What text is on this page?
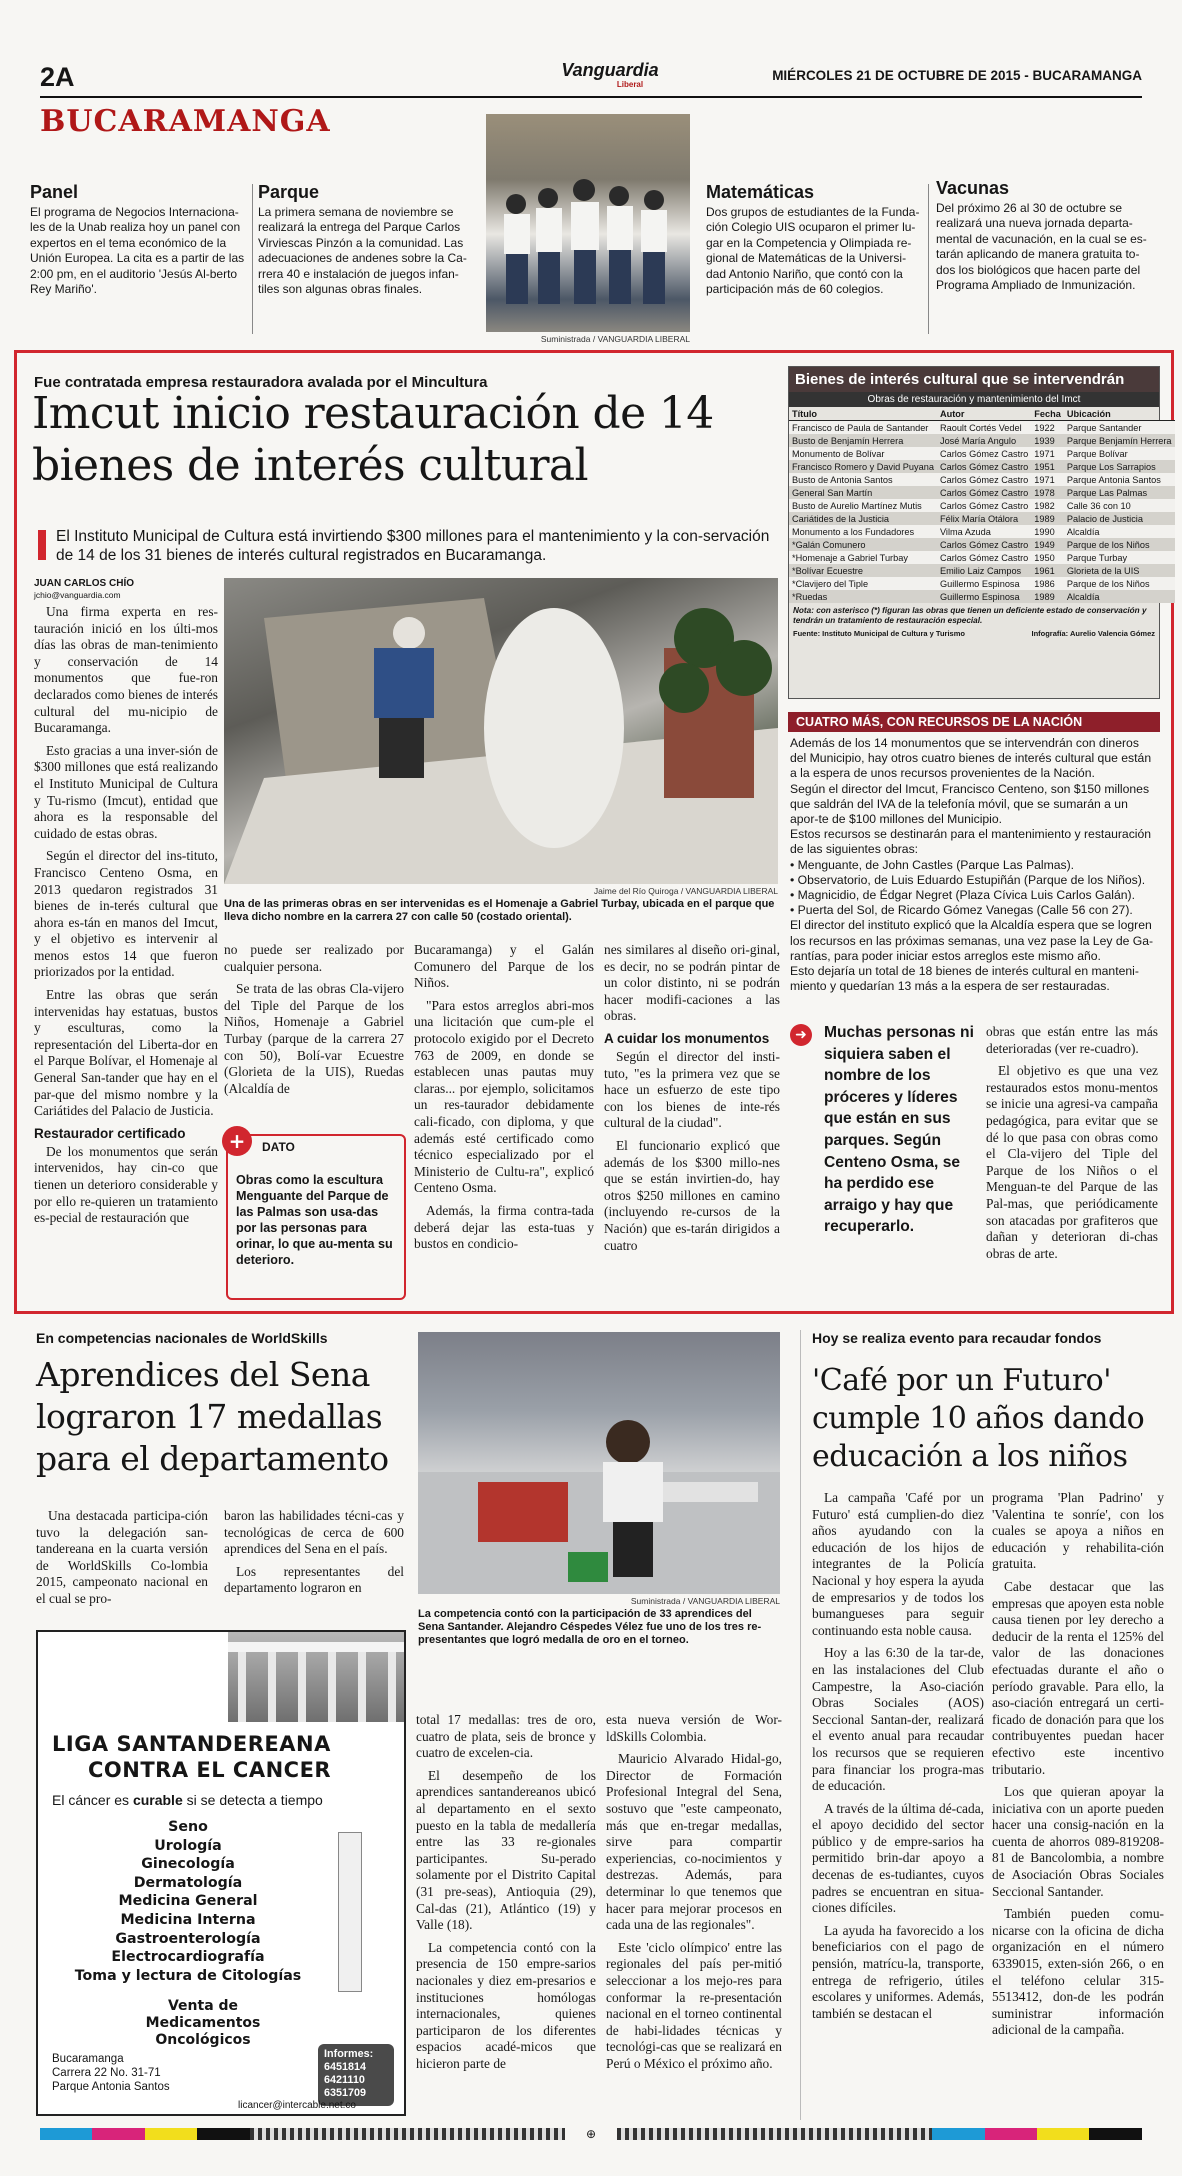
2A	Vanguardia
Liberal
MIÉRCOLES 21 DE OCTUBRE DE 2015 - BUCARAMANGA
BUCARAMANGA
Panel

El programa de Negocios Internaciona-les de la Unab realiza hoy un panel con expertos en el tema económico de la Unión Europea. La cita es a partir de las 2:00 pm, en el auditorio 'Jesús Al-berto Rey Mariño'.

Parque

La primera semana de noviembre se realizará la entrega del Parque Carlos Virviescas Pinzón a la comunidad. Las adecuaciones de andenes sobre la Ca-rrera 40 e instalación de juegos infan-tiles son algunas obras finales.

Suministrada / VANGUARDIA LIBERAL
Matemáticas

Dos grupos de estudiantes de la Funda-ción Colegio UIS ocuparon el primer lu-gar en la Competencia y Olimpiada re-gional de Matemáticas de la Universi-dad Antonio Nariño, que contó con la participación más de 60 colegios.

Vacunas

Del próximo 26 al 30 de octubre se realizará una nueva jornada departa-mental de vacunación, en la cual se es-tarán aplicando de manera gratuita to-dos los biológicos que hacen parte del Programa Ampliado de Inmunización.

Fue contratada empresa restauradora avalada por el Mincultura
Imcut inicio restauración de 14 bienes de interés cultural

El Instituto Municipal de Cultura está invirtiendo $300 millones para el mantenimiento y la con-servación de 14 de los 31 bienes de interés cultural registrados en Bucaramanga.

JUAN CARLOS CHÍO
jchio@vanguardia.com

Una firma experta en res-tauración inició en los últi-mos días las obras de man-tenimiento y conservación de 14 monumentos que fue-ron declarados como bienes de interés cultural del mu-nicipio de Bucaramanga.

Esto gracias a una inver-sión de $300 millones que está realizando el Instituto Municipal de Cultura y Tu-rismo (Imcut), entidad que ahora es la responsable del cuidado de estas obras.

Según el director del ins-tituto, Francisco Centeno Osma, en 2013 quedaron registrados 31 bienes de in-terés cultural que ahora es-tán en manos del Imcut, y el objetivo es intervenir al menos estos 14 que fueron priorizados por la entidad.

Entre las obras que serán intervenidas hay estatuas, bustos y esculturas, como la representación del Liberta-dor en el Parque Bolívar, el Homenaje al General San-tander que hay en el par-que del mismo nombre y la Cariátides del Palacio de Justicia.

Restaurador certificado

De los monumentos que serán intervenidos, hay cin-co que tienen un deterioro considerable y por ello re-quieren un tratamiento es-pecial de restauración que

Jaime del Río Quiroga / VANGUARDIA LIBERAL
Una de las primeras obras en ser intervenidas es el Homenaje a Gabriel Turbay, ubicada en el parque que lleva dicho nombre en la carrera 27 con calle 50 (costado oriental).

no puede ser realizado por cualquier persona.

Se trata de las obras Cla-vijero del Tiple del Parque de los Niños, Homenaje a Gabriel Turbay (parque de la carrera 27 con 50), Bolí-var Ecuestre (Glorieta de la UIS), Ruedas (Alcaldía de

+	DATO

Obras como la escultura Menguante del Parque de las Palmas son usa-das por las personas para orinar, lo que au-menta su deterioro.

Bucaramanga) y el Galán Comunero del Parque de los Niños.

"Para estos arreglos abri-mos una licitación que cum-ple el protocolo exigido por el Decreto 763 de 2009, en donde se establecen unas pautas muy claras... por ejemplo, solicitamos un res-taurador debidamente cali-ficado, con diploma, y que además esté certificado como técnico especializado por el Ministerio de Cultu-ra", explicó Centeno Osma.

Además, la firma contra-tada deberá dejar las esta-tuas y bustos en condicio-

nes similares al diseño ori-ginal, es decir, no se podrán pintar de un color distinto, ni se podrán hacer modifi-caciones a las obras.

A cuidar los monumentos

Según el director del insti-tuto, "es la primera vez que se hace un esfuerzo de este tipo con los bienes de inte-rés cultural de la ciudad".

El funcionario explicó que además de los $300 millo-nes que se están invirtien-do, hay otros $250 millones en camino (incluyendo re-cursos de la Nación) que es-tarán dirigidos a cuatro

Bienes de interés cultural que se intervendrán
Obras de restauración y mantenimiento del Imct
Título	Autor	Fecha	Ubicación
Francisco de Paula de Santander	Raoult Cortés Vedel	1922	Parque Santander
Busto de Benjamín Herrera	José María Angulo	1939	Parque Benjamín Herrera
Monumento de Bolívar	Carlos Gómez Castro	1971	Parque Bolívar
Francisco Romero y David Puyana	Carlos Gómez Castro	1951	Parque Los Sarrapios
Busto de Antonia Santos	Carlos Gómez Castro	1971	Parque Antonia Santos
General San Martín	Carlos Gómez Castro	1978	Parque Las Palmas
Busto de Aurelio Martínez Mutis	Carlos Gómez Castro	1982	Calle 36 con 10
Cariátides de la Justicia	Félix María Otálora	1989	Palacio de Justicia
Monumento a los Fundadores	Vilma Azuda	1990	Alcaldía
*Galán Comunero	Carlos Gómez Castro	1949	Parque de los Niños
*Homenaje a Gabriel Turbay	Carlos Gómez Castro	1950	Parque Turbay
*Bolívar Ecuestre	Emilio Laiz Campos	1961	Glorieta de la UIS
*Clavijero del Tiple	Guillermo Espinosa	1986	Parque de los Niños
*Ruedas	Guillermo Espinosa	1989	Alcaldía
Nota: con asterisco (*) figuran las obras que tienen un deficiente estado de conservación y tendrán un tratamiento de restauración especial.
Fuente: Instituto Municipal de Cultura y Turismo	Infografía: Aurelio Valencia Gómez
CUATRO MÁS, CON RECURSOS DE LA NACIÓN

Además de los 14 monumentos que se intervendrán con dineros del Municipio, hay otros cuatro bienes de interés cultural que están a la espera de unos recursos provenientes de la Nación.

Según el director del Imcut, Francisco Centeno, son $150 millones que saldrán del IVA de la telefonía móvil, que se sumarán a un apor-te de $100 millones del Municipio.

Estos recursos se destinarán para el mantenimiento y restauración de las siguientes obras:

• Menguante, de John Castles (Parque Las Palmas).
• Observatorio, de Luis Eduardo Estupiñán (Parque de los Niños).
• Magnicidio, de Édgar Negret (Plaza Cívica Luis Carlos Galán).
• Puerta del Sol, de Ricardo Gómez Vanegas (Calle 56 con 27).

El director del instituto explicó que la Alcaldía espera que se logren los recursos en las próximas semanas, una vez pase la Ley de Ga-rantías, para poder iniciar estos arreglos este mismo año.

Esto dejaría un total de 18 bienes de interés cultural en manteni-miento y quedarían 13 más a la espera de ser restauradas.

➜	Muchas personas ni siquiera saben el nombre de los próceres y líderes que están en sus parques. Según Centeno Osma, se ha perdido ese arraigo y hay que recuperarlo.

obras que están entre las más deterioradas (ver re-cuadro).

El objetivo es que una vez restaurados estos monu-mentos se inicie una agresi-va campaña pedagógica, para evitar que se dé lo que pasa con obras como el Cla-vijero del Tiple del Parque de los Niños o el Menguan-te del Parque de las Pal-mas, que periódicamente son atacadas por grafiteros que dañan y deterioran di-chas obras de arte.

En competencias nacionales de WorldSkills
Aprendices del Sena lograron 17 medallas para el departamento

Una destacada participa-ción tuvo la delegación san-tandereana en la cuarta versión de WorldSkills Co-lombia 2015, campeonato nacional en el cual se pro-

baron las habilidades técni-cas y tecnológicas de cerca de 600 aprendices del Sena en el país.

Los representantes del departamento lograron en

Suministrada / VANGUARDIA LIBERAL
La competencia contó con la participación de 33 aprendices del Sena Santander. Alejandro Céspedes Vélez fue uno de los tres re-presentantes que logró medalla de oro en el torneo.

total 17 medallas: tres de oro, cuatro de plata, seis de bronce y cuatro de excelen-cia.

El desempeño de los aprendices santandereanos ubicó al departamento en el sexto puesto en la tabla de medallería entre las 33 re-gionales participantes. Su-perado solamente por el Distrito Capital (31 pre-seas), Antioquia (29), Cal-das (21), Atlántico (19) y Valle (18).

La competencia contó con la presencia de 150 empre-sarios nacionales y diez em-presarios e instituciones homólogas internacionales, quienes participaron de los diferentes espacios acadé-micos que hicieron parte de

esta nueva versión de Wor-ldSkills Colombia.

Mauricio Alvarado Hidal-go, Director de Formación Profesional Integral del Sena, sostuvo que "este campeonato, más que en-tregar medallas, sirve para compartir experiencias, co-nocimientos y destrezas. Además, para determinar lo que tenemos que hacer para mejorar procesos en cada una de las regionales".

Este 'ciclo olímpico' entre las regionales del país per-mitió seleccionar a los mejo-res para conformar la re-presentación nacional en el torneo continental de habi-lidades técnicas y tecnológi-cas que se realizará en Perú o México el próximo año.

LIGA SANTANDEREANA
CONTRA EL CANCER
El cáncer es curable si se detecta a tiempo
Seno
Urología
Ginecología
Dermatología
Medicina General
Medicina Interna
Gastroenterología
Electrocardiografía
Toma y lectura de Citologías
Venta de Medicamentos Oncológicos
Bucaramanga
Carrera 22 No. 31-71
Parque Antonia Santos
Informes:
6451814
6421110
6351709
licancer@intercable.net.co
Hoy se realiza evento para recaudar fondos
'Café por un Futuro' cumple 10 años dando educación a los niños

La campaña 'Café por un Futuro' está cumplien-do diez años ayudando con la educación de los hijos de integrantes de la Policía Nacional y hoy espera la ayuda de empresarios y de todos los bumangueses para seguir continuando esta noble causa.

Hoy a las 6:30 de la tar-de, en las instalaciones del Club Campestre, la Aso-ciación Obras Sociales (AOS) Seccional Santan-der, realizará el evento anual para recaudar los recursos que se requieren para financiar los progra-mas de educación.

A través de la última dé-cada, el apoyo decidido del sector público y de empre-sarios ha permitido brin-dar apoyo a decenas de es-tudiantes, cuyos padres se encuentran en situa-ciones difíciles.

La ayuda ha favorecido a los beneficiarios con el pago de pensión, matrícu-la, transporte, entrega de refrigerio, útiles escolares y uniformes. Además, también se destacan el

programa 'Plan Padrino' y 'Valentina te sonríe', con los cuales se apoya a niños en educación y rehabilita-ción gratuita.

Cabe destacar que las empresas que apoyen esta noble causa tienen por ley derecho a deducir de la renta el 125% del valor de las donaciones efectuadas durante el año o período gravable. Para ello, la aso-ciación entregará un certi-ficado de donación para que los contribuyentes puedan hacer efectivo este incentivo tributario.

Los que quieran apoyar la iniciativa con un aporte pueden hacer una consig-nación en la cuenta de ahorros 089-819208-81 de Bancolombia, a nombre de Asociación Obras Sociales Seccional Santander.

También pueden comu-nicarse con la oficina de dicha organización en el número 6339015, exten-sión 266, o en el teléfono celular 315-5513412, don-de les podrán suministrar información adicional de la campaña.

⊕
